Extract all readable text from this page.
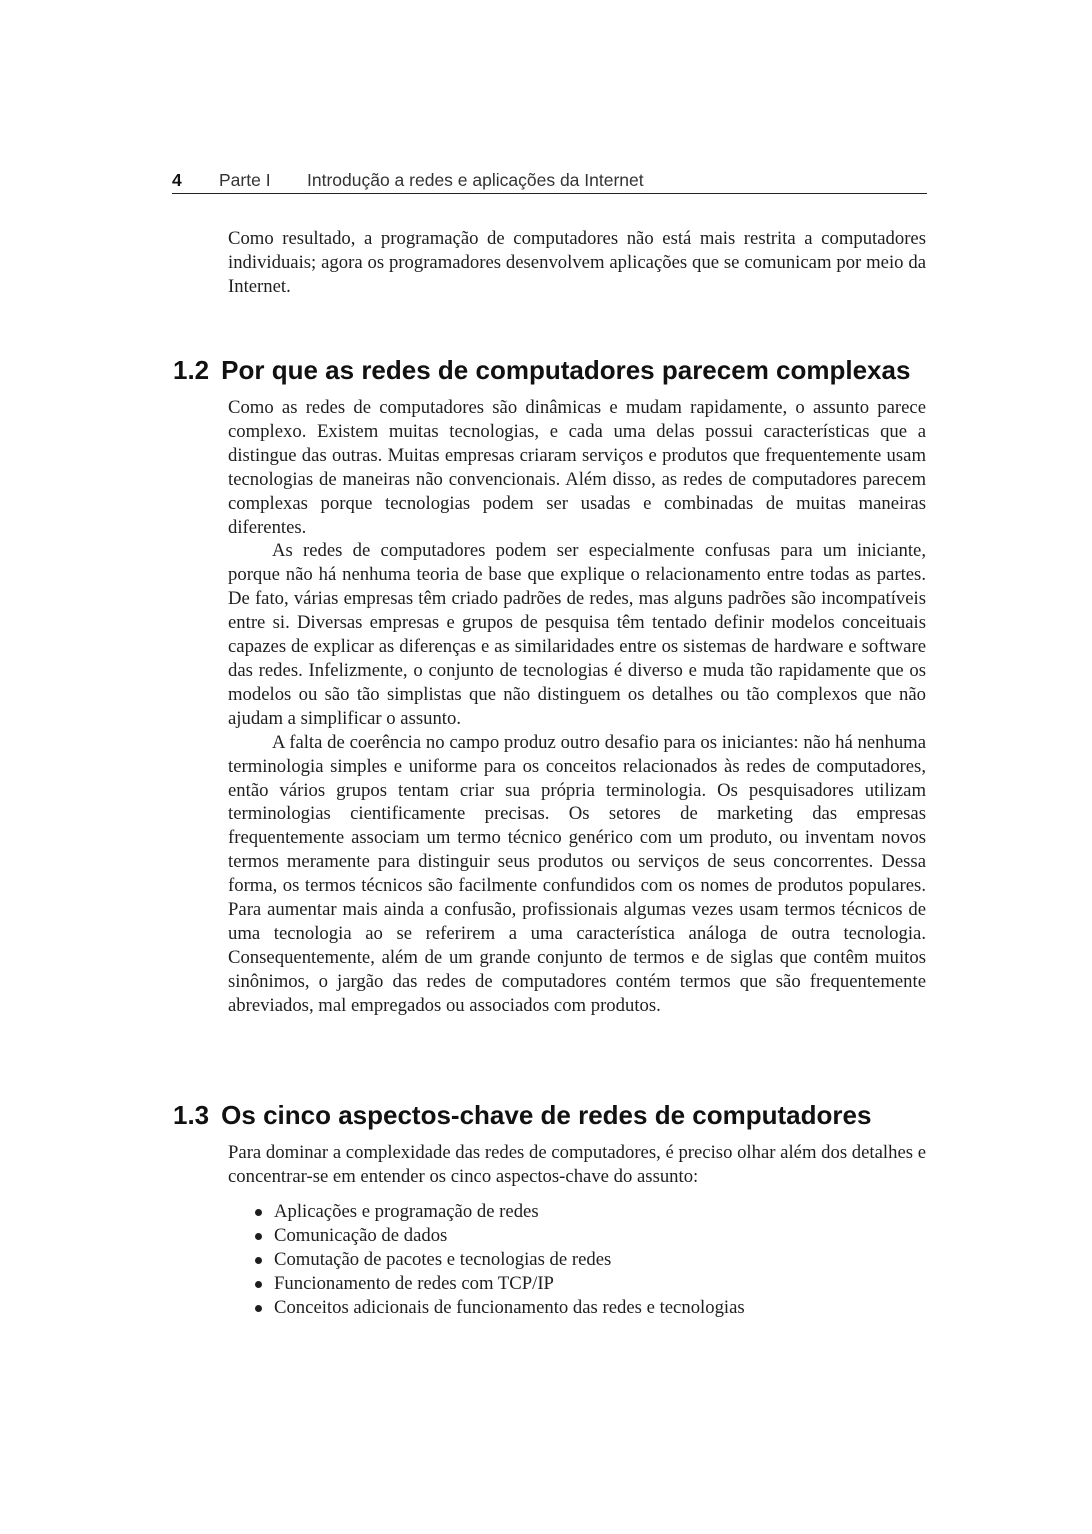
4 Parte I Introdução a redes e aplicações da Internet

Como resultado, a programação de computadores não está mais restrita a computadores individuais; agora os programadores desenvolvem aplicações que se comunicam por meio da Internet.

1.2 Por que as redes de computadores parecem complexas

Como as redes de computadores são dinâmicas e mudam rapidamente, o assunto parece complexo. Existem muitas tecnologias, e cada uma delas possui características que a distingue das outras. Muitas empresas criaram serviços e produtos que frequentemente usam tecnologias de maneiras não convencionais. Além disso, as redes de computadores parecem complexas porque tecnologias podem ser usadas e combinadas de muitas maneiras diferentes.

As redes de computadores podem ser especialmente confusas para um iniciante, porque não há nenhuma teoria de base que explique o relacionamento entre todas as partes. De fato, várias empresas têm criado padrões de redes, mas alguns padrões são incompatíveis entre si. Diversas empresas e grupos de pesquisa têm tentado definir modelos conceituais capazes de explicar as diferenças e as similaridades entre os sistemas de hardware e software das redes. Infelizmente, o conjunto de tecnologias é diverso e muda tão rapidamente que os modelos ou são tão simplistas que não distinguem os detalhes ou tão complexos que não ajudam a simplificar o assunto.

A falta de coerência no campo produz outro desafio para os iniciantes: não há nenhuma terminologia simples e uniforme para os conceitos relacionados às redes de computadores, então vários grupos tentam criar sua própria terminologia. Os pesquisadores utilizam terminologias cientificamente precisas. Os setores de marketing das empresas frequentemente associam um termo técnico genérico com um produto, ou inventam novos termos meramente para distinguir seus produtos ou serviços de seus concorrentes. Dessa forma, os termos técnicos são facilmente confundidos com os nomes de produtos populares. Para aumentar mais ainda a confusão, profissionais algumas vezes usam termos técnicos de uma tecnologia ao se referirem a uma característica análoga de outra tecnologia. Consequentemente, além de um grande conjunto de termos e de siglas que contêm muitos sinônimos, o jargão das redes de computadores contém termos que são frequentemente abreviados, mal empregados ou associados com produtos.

1.3 Os cinco aspectos-chave de redes de computadores

Para dominar a complexidade das redes de computadores, é preciso olhar além dos detalhes e concentrar-se em entender os cinco aspectos-chave do assunto:

Aplicações e programação de redes
Comunicação de dados
Comutação de pacotes e tecnologias de redes
Funcionamento de redes com TCP/IP
Conceitos adicionais de funcionamento das redes e tecnologias
